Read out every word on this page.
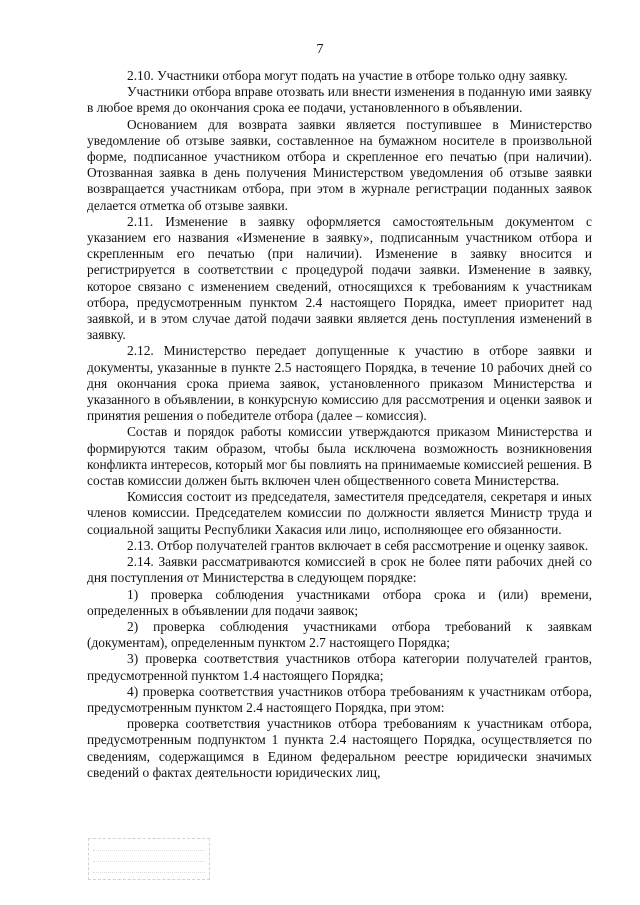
7

2.10. Участники отбора могут подать на участие в отборе только одну заявку.

Участники отбора вправе отозвать или внести изменения в поданную ими заявку в любое время до окончания срока ее подачи, установленного в объявлении.

Основанием для возврата заявки является поступившее в Министерство уведомление об отзыве заявки, составленное на бумажном носителе в произвольной форме, подписанное участником отбора и скрепленное его печатью (при наличии). Отозванная заявка в день получения Министерством уведомления об отзыве заявки возвращается участникам отбора, при этом в журнале регистрации поданных заявок делается отметка об отзыве заявки.

2.11. Изменение в заявку оформляется самостоятельным документом с указанием его названия «Изменение в заявку», подписанным участником отбора и скрепленным его печатью (при наличии). Изменение в заявку вносится и регистрируется в соответствии с процедурой подачи заявки. Изменение в заявку, которое связано с изменением сведений, относящихся к требованиям к участникам отбора, предусмотренным пунктом 2.4 настоящего Порядка, имеет приоритет над заявкой, и в этом случае датой подачи заявки является день поступления изменений в заявку.

2.12. Министерство передает допущенные к участию в отборе заявки и документы, указанные в пункте 2.5 настоящего Порядка, в течение 10 рабочих дней со дня окончания срока приема заявок, установленного приказом Министерства и указанного в объявлении, в конкурсную комиссию для рассмотрения и оценки заявок и принятия решения о победителе отбора (далее – комиссия).

Состав и порядок работы комиссии утверждаются приказом Министерства и формируются таким образом, чтобы была исключена возможность возникновения конфликта интересов, который мог бы повлиять на принимаемые комиссией решения. В состав комиссии должен быть включен член общественного совета Министерства.

Комиссия состоит из председателя, заместителя председателя, секретаря и иных членов комиссии. Председателем комиссии по должности является Министр труда и социальной защиты Республики Хакасия или лицо, исполняющее его обязанности.

2.13. Отбор получателей грантов включает в себя рассмотрение и оценку заявок.

2.14. Заявки рассматриваются комиссией в срок не более пяти рабочих дней со дня поступления от Министерства в следующем порядке:

1) проверка соблюдения участниками отбора срока и (или) времени, определенных в объявлении для подачи заявок;

2) проверка соблюдения участниками отбора требований к заявкам (документам), определенным пунктом 2.7 настоящего Порядка;

3) проверка соответствия участников отбора категории получателей грантов, предусмотренной пунктом 1.4 настоящего Порядка;

4) проверка соответствия участников отбора требованиям к участникам отбора, предусмотренным пунктом 2.4 настоящего Порядка, при этом:

проверка соответствия участников отбора требованиям к участникам отбора, предусмотренным подпунктом 1 пункта 2.4 настоящего Порядка, осуществляется по сведениям, содержащимся в Едином федеральном реестре юридически значимых сведений о фактах деятельности юридических лиц,
